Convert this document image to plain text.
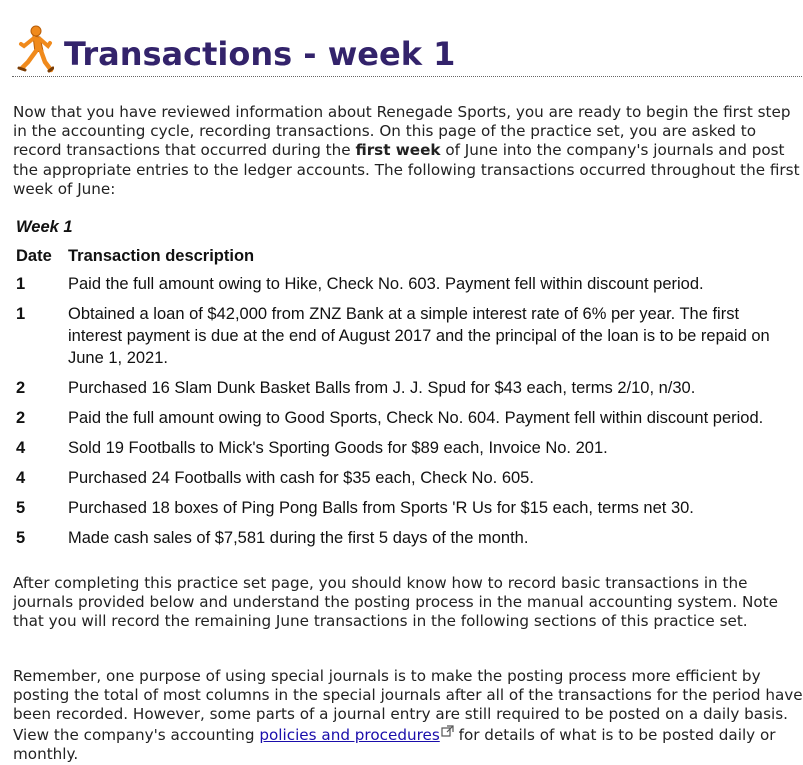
Transactions - week 1

Now that you have reviewed information about Renegade Sports, you are ready to begin the first step in the accounting cycle, recording transactions. On this page of the practice set, you are asked to record transactions that occurred during the first week of June into the company's journals and post the appropriate entries to the ledger accounts. The following transactions occurred throughout the first week of June:

Week 1
Date	Transaction description
1	Paid the full amount owing to Hike, Check No. 603. Payment fell within discount period.
1	Obtained a loan of $42,000 from ZNZ Bank at a simple interest rate of 6% per year. The first interest payment is due at the end of August 2017 and the principal of the loan is to be repaid on June 1, 2021.
2	Purchased 16 Slam Dunk Basket Balls from J. J. Spud for $43 each, terms 2/10, n/30.
2	Paid the full amount owing to Good Sports, Check No. 604. Payment fell within discount period.
4	Sold 19 Footballs to Mick's Sporting Goods for $89 each, Invoice No. 201.
4	Purchased 24 Footballs with cash for $35 each, Check No. 605.
5	Purchased 18 boxes of Ping Pong Balls from Sports 'R Us for $15 each, terms net 30.
5	Made cash sales of $7,581 during the first 5 days of the month.

After completing this practice set page, you should know how to record basic transactions in the journals provided below and understand the posting process in the manual accounting system. Note that you will record the remaining June transactions in the following sections of this practice set.

Remember, one purpose of using special journals is to make the posting process more efficient by posting the total of most columns in the special journals after all of the transactions for the period have been recorded. However, some parts of a journal entry are still required to be posted on a daily basis. View the company's accounting policies and procedures for details of what is to be posted daily or monthly.
